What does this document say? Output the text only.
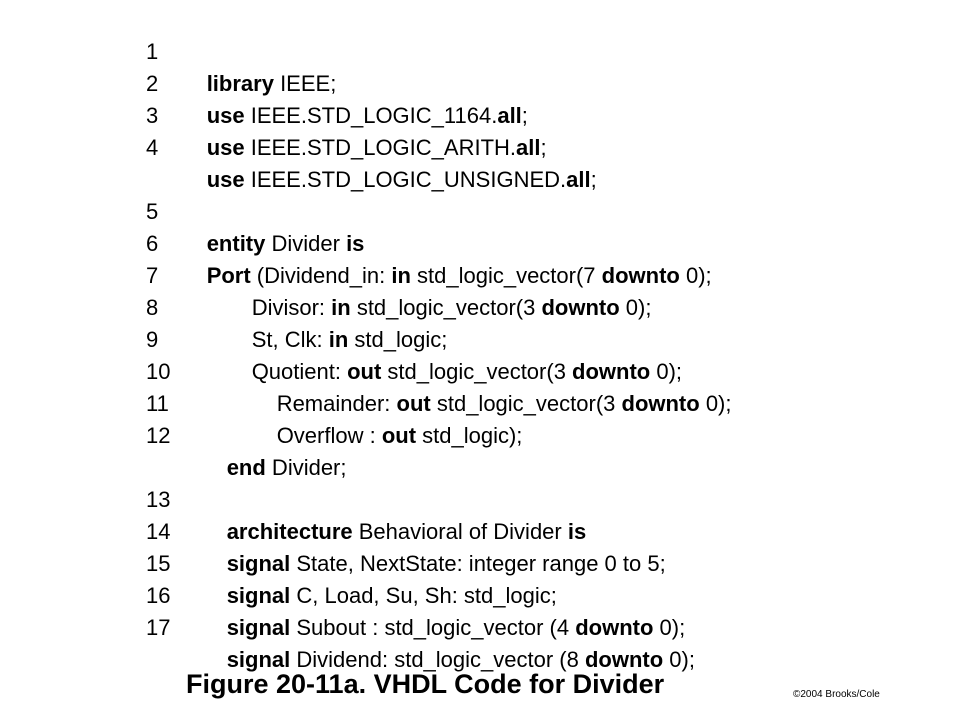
1

library IEEE;

2

use IEEE.STD_LOGIC_1164.all;

3

use IEEE.STD_LOGIC_ARITH.all;

4

use IEEE.STD_LOGIC_UNSIGNED.all;

5

entity Divider is

6

Port (Dividend_in: in std_logic_vector(7 downto 0);

7

Divisor: in std_logic_vector(3 downto 0);

8

St, Clk: in std_logic;

9

Quotient: out std_logic_vector(3 downto 0);

10

Remainder: out std_logic_vector(3 downto 0);

11

Overflow : out std_logic);

12

end Divider;

13

architecture Behavioral of Divider is

14

signal State, NextState: integer range 0 to 5;

15

signal C, Load, Su, Sh: std_logic;

16

signal Subout : std_logic_vector (4 downto 0);

17

signal Dividend: std_logic_vector (8 downto 0);

Figure 20-11a. VHDL Code for Divider	©2004 Brooks/Cole
